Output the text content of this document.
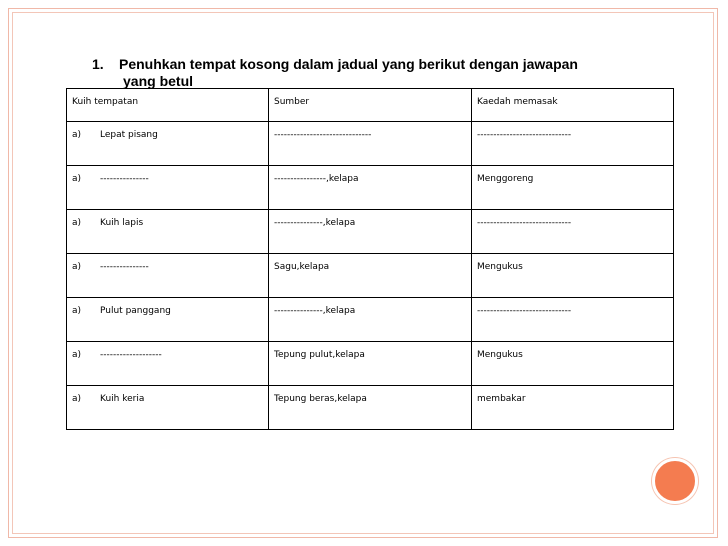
1. Penuhkan tempat kosong dalam jadual yang berikut dengan jawapan
yang betul
Kuih tempatan	Sumber	Kaedah memasak
a) Lepat pisang	------------------------------	-----------------------------
a) ---------------	----------------,kelapa	Menggoreng
a) Kuih lapis	---------------,kelapa	-----------------------------
a) ---------------	Sagu,kelapa	Mengukus
a) Pulut panggang	---------------,kelapa	-----------------------------
a) -------------------	Tepung pulut,kelapa	Mengukus
a) Kuih keria	Tepung beras,kelapa	membakar
